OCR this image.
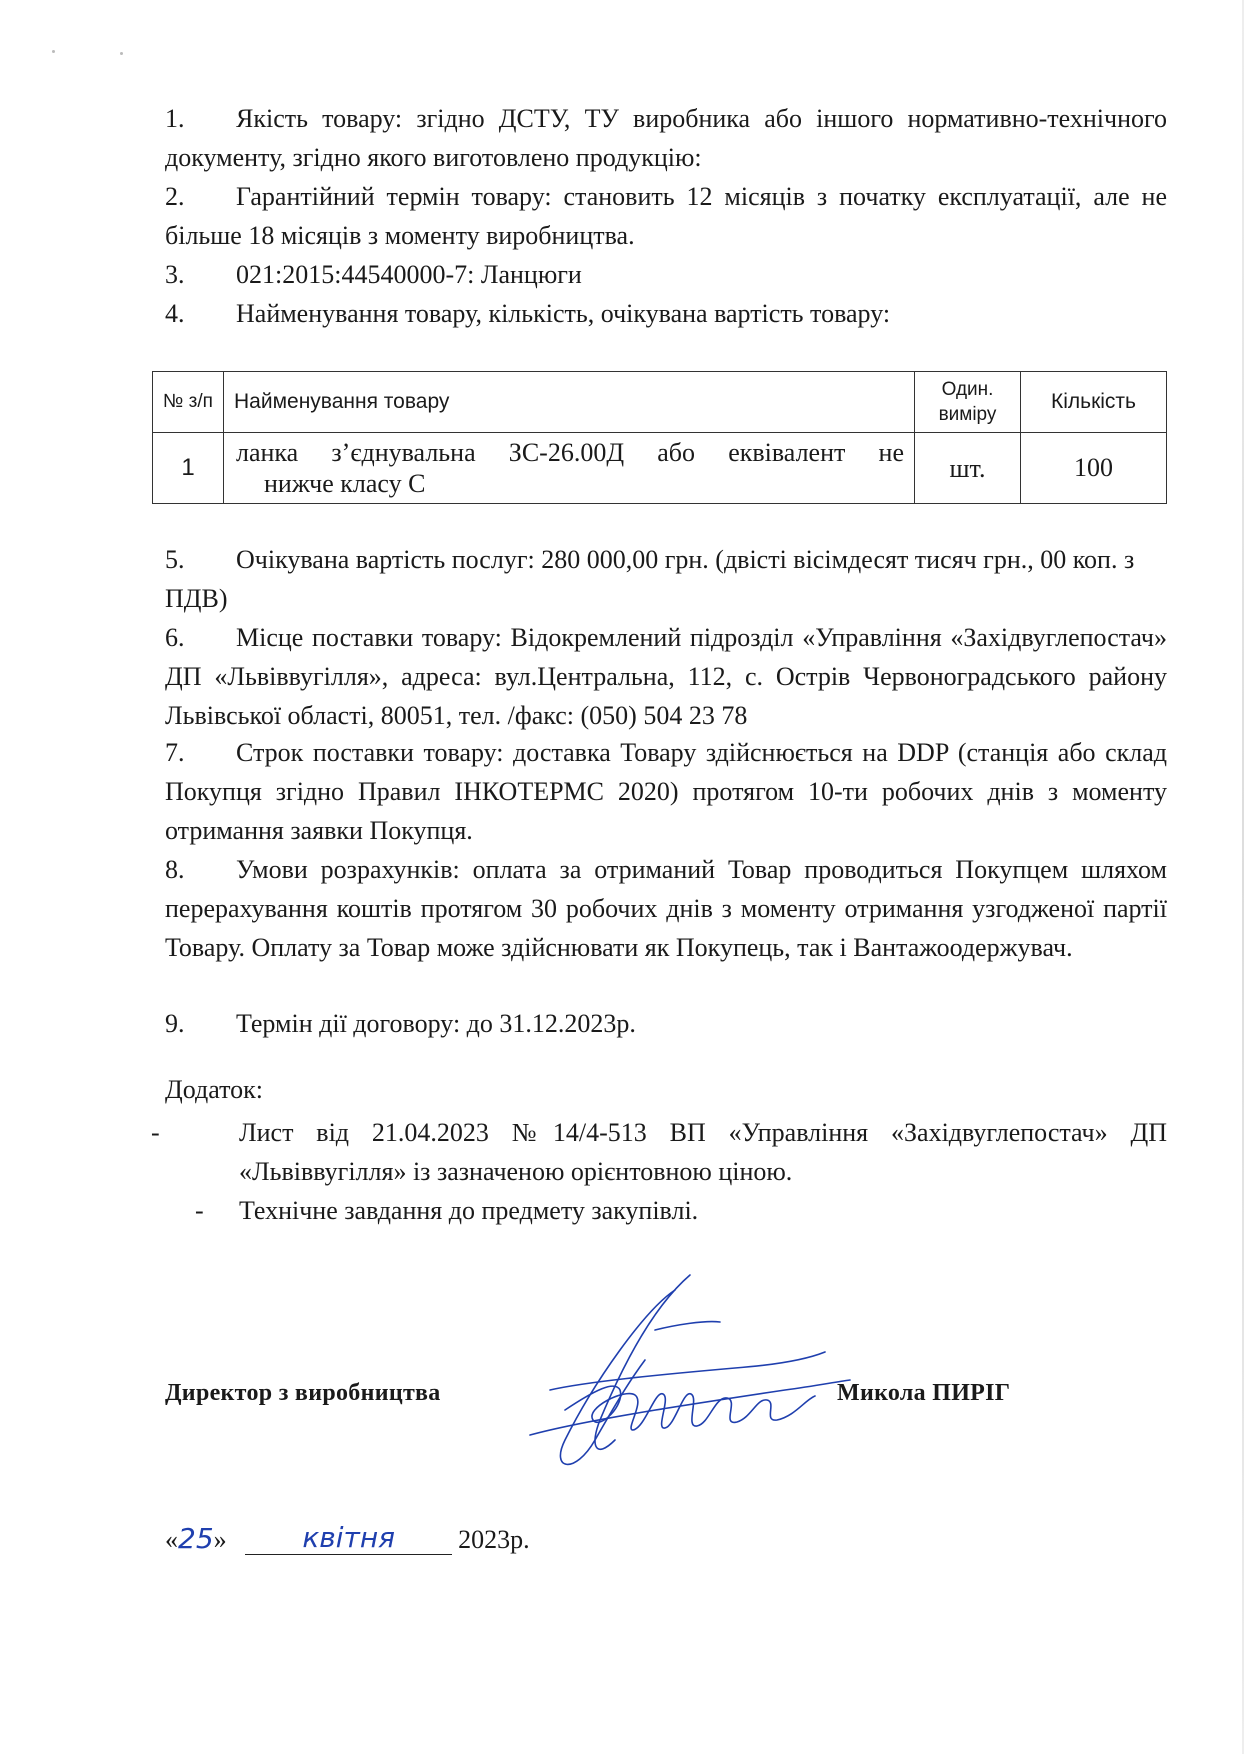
1. Якість товару: згідно ДСТУ, ТУ виробника або іншого нормативно-технічного документу, згідно якого виготовлено продукцію:
2. Гарантійний термін товару: становить 12 місяців з початку експлуатації, але не більше 18 місяців з моменту виробництва.
3. 021:2015:44540000-7: Ланцюги
4. Найменування товару, кількість, очікувана вартість товару:
№ з/п	Найменування товару	Один. виміру	Кількість
1	ланка з’єднувальна ЗС-26.00Д або еквівалент не
нижче класу С	шт.	100
5. Очікувана вартість послуг: 280 000,00 грн. (двісті вісімдесят тисяч грн., 00 коп. з ПДВ)
6. Місце поставки товару: Відокремлений підрозділ «Управління «Західвуглепостач» ДП «Львіввугілля», адреса: вул.Центральна, 112, с. Острів Червоноградського району Львівської області, 80051, тел. /факс: (050) 504 23 78
7. Строк поставки товару: доставка Товару здійснюється на DDP (станція або склад Покупця згідно Правил ІНКОТЕРМС 2020) протягом 10-ти робочих днів з моменту отримання заявки Покупця.
8. Умови розрахунків: оплата за отриманий Товар проводиться Покупцем шляхом перерахування коштів протягом 30 робочих днів з моменту отримання узгодженої партії Товару. Оплату за Товар може здійснювати як Покупець, так і Вантажоодержувач.
9. Термін дії договору: до 31.12.2023р.
Додаток:
-	Лист від 21.04.2023 №14/4-513 ВП «Управління «Західвуглепостач» ДП «Львіввугілля» із зазначеною орієнтовною ціною.
- Технічне завдання до предмету закупівлі.
Директор з виробництва	Микола ПИРІГ
«25»	квітня 2023р.
